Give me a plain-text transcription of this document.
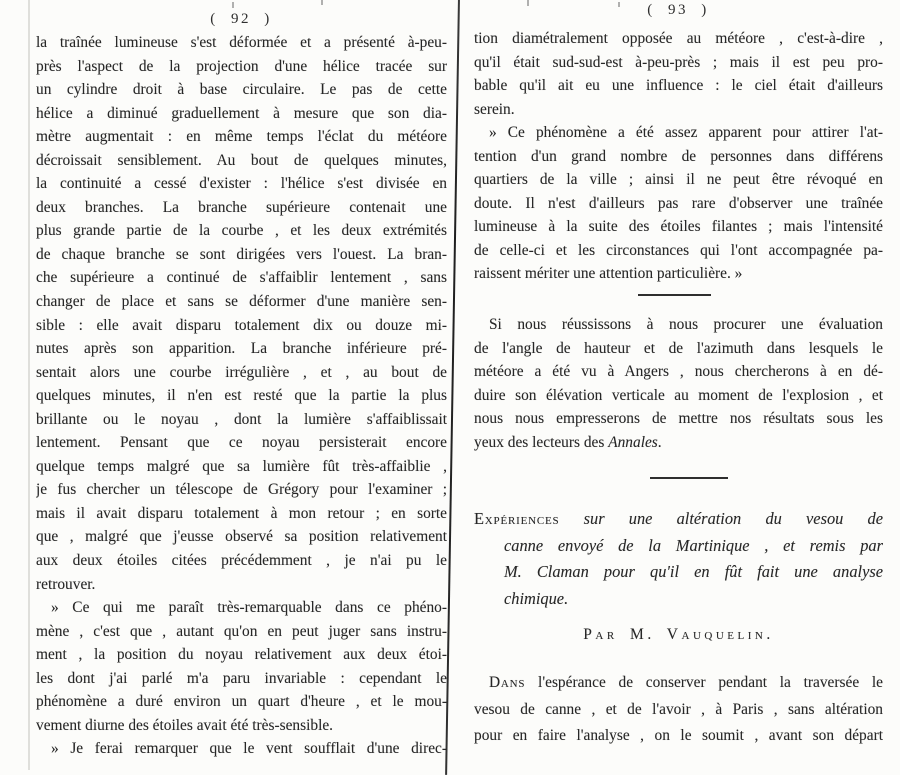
( 92 )
( 93 )
la traînée lumineuse s'est déformée et a présenté à-peu-
près l'aspect de la projection d'une hélice tracée sur
un cylindre droit à base circulaire. Le pas de cette
hélice a diminué graduellement à mesure que son dia-
mètre augmentait : en même temps l'éclat du météore
décroissait sensiblement. Au bout de quelques minutes,
la continuité a cessé d'exister : l'hélice s'est divisée en
deux branches. La branche supérieure contenait une
plus grande partie de la courbe , et les deux extrémités
de chaque branche se sont dirigées vers l'ouest. La bran-
che supérieure a continué de s'affaiblir lentement , sans
changer de place et sans se déformer d'une manière sen-
sible : elle avait disparu totalement dix ou douze mi-
nutes après son apparition. La branche inférieure pré-
sentait alors une courbe irrégulière , et , au bout de
quelques minutes, il n'en est resté que la partie la plus
brillante ou le noyau , dont la lumière s'affaiblissait
lentement. Pensant que ce noyau persisterait encore
quelque temps malgré que sa lumière fût très-affaiblie ,
je fus chercher un télescope de Grégory pour l'examiner ;
mais il avait disparu totalement à mon retour ; en sorte
que , malgré que j'eusse observé sa position relativement
aux deux étoiles citées précédemment , je n'ai pu le
retrouver.
» Ce qui me paraît très-remarquable dans ce phéno-
mène , c'est que , autant qu'on en peut juger sans instru-
ment , la position du noyau relativement aux deux étoi-
les dont j'ai parlé m'a paru invariable : cependant le
phénomène a duré environ un quart d'heure , et le mou-
vement diurne des étoiles avait été très-sensible.
» Je ferai remarquer que le vent soufflait d'une direc-
tion diamétralement opposée au météore , c'est-à-dire ,
qu'il était sud-sud-est à-peu-près ; mais il est peu pro-
bable qu'il ait eu une influence : le ciel était d'ailleurs
serein.
» Ce phénomène a été assez apparent pour attirer l'at-
tention d'un grand nombre de personnes dans différens
quartiers de la ville ; ainsi il ne peut être révoqué en
doute. Il n'est d'ailleurs pas rare d'observer une traînée
lumineuse à la suite des étoiles filantes ; mais l'intensité
de celle-ci et les circonstances qui l'ont accompagnée pa-
raissent mériter une attention particulière. »
Si nous réussissons à nous procurer une évaluation
de l'angle de hauteur et de l'azimuth dans lesquels le
météore a été vu à Angers , nous chercherons à en dé-
duire son élévation verticale au moment de l'explosion , et
nous nous empresserons de mettre nos résultats sous les
yeux des lecteurs des Annales.
Expériences sur une altération du vesou de
canne envoyé de la Martinique , et remis par
M. Claman pour qu'il en fût fait une analyse
chimique.
Par M. Vauquelin.
Dans l'espérance de conserver pendant la traversée le
vesou de canne , et de l'avoir , à Paris , sans altération
pour en faire l'analyse , on le soumit , avant son départ
